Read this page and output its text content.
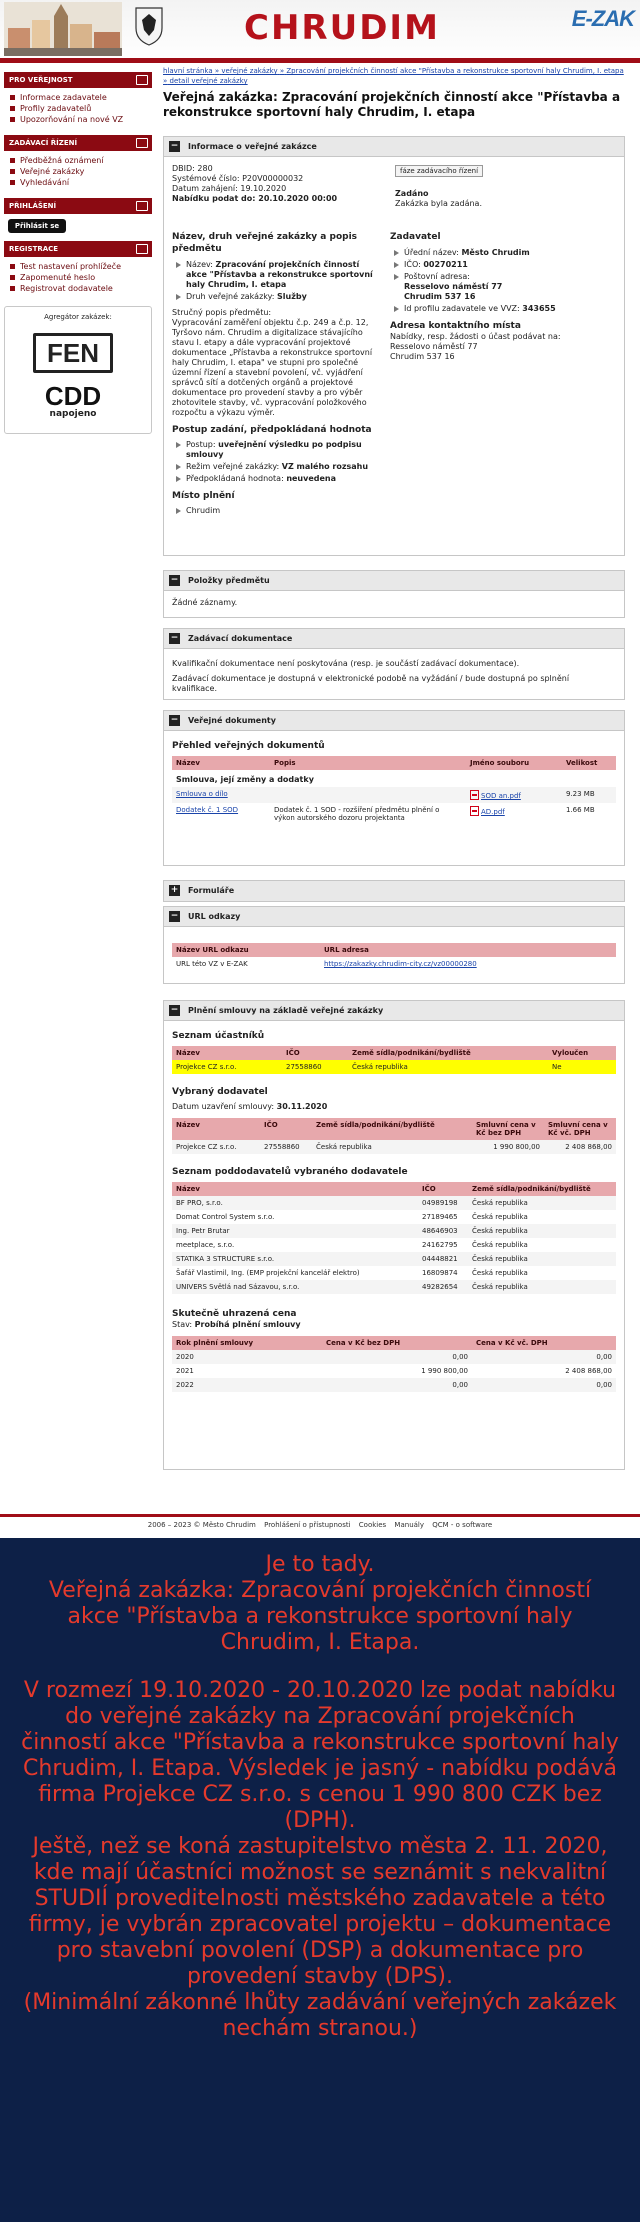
CHRUDIM	E-ZAK
PRO VEŘEJNOST
Informace zadavatele
Profily zadavatelů
Upozorňování na nové VZ
ZADÁVACÍ ŘÍZENÍ
Předběžná oznámení
Veřejné zakázky
Vyhledávání
PŘIHLÁŠENÍ
Přihlásit se
REGISTRACE
Test nastavení prohlížeče
Zapomenuté heslo
Registrovat dodavatele
Agregátor zakázek:
FEN
CDD
napojeno
hlavní stránka » veřejné zakázky » Zpracování projekčních činností akce "Přístavba a rekonstrukce sportovní haly Chrudim, I. etapa » detail veřejné zakázky
Veřejná zakázka: Zpracování projekčních činností akce "Přístavba a rekonstrukce sportovní haly Chrudim, I. etapa
− Informace o veřejné zakázce
DBID: 280
Systémové číslo: P20V00000032
Datum zahájení: 19.10.2020
Nabídku podat do: 20.10.2020 00:00
fáze zadávacího řízení
Zadáno
Zakázka byla zadána.
Název, druh veřejné zakázky a popis předmětu
Název: Zpracování projekčních činností akce "Přístavba a rekonstrukce sportovní haly Chrudim, I. etapa
Druh veřejné zakázky: Služby
Stručný popis předmětu:
Vypracování zaměření objektu č.p. 249 a č.p. 12, Tyršovo nám. Chrudim a digitalizace stávajícího stavu I. etapy a dále vypracování projektové dokumentace „Přístavba a rekonstrukce sportovní haly Chrudim, I. etapa" ve stupni pro společné územní řízení a stavební povolení, vč. vyjádření správců sítí a dotčených orgánů a projektové dokumentace pro provedení stavby a pro výběr zhotovitele stavby, vč. vypracování položkového rozpočtu a výkazu výměr.
Postup zadání, předpokládaná hodnota
Postup: uveřejnění výsledku po podpisu smlouvy
Režim veřejné zakázky: VZ malého rozsahu
Předpokládaná hodnota: neuvedena
Místo plnění
Chrudim
Zadavatel
Úřední název: Město Chrudim
IČO: 00270211
Poštovní adresa:
Resselovo náměstí 77
Chrudim 537 16
Id profilu zadavatele ve VVZ: 343655
Adresa kontaktního místa
Nabídky, resp. žádosti o účast podávat na:
Resselovo náměstí 77
Chrudim 537 16
− Položky předmětu
Žádné záznamy.
− Zadávací dokumentace
Kvalifikační dokumentace není poskytována (resp. je součástí zadávací dokumentace).
Zadávací dokumentace je dostupná v elektronické podobě na vyžádání / bude dostupná po splnění kvalifikace.
− Veřejné dokumenty
Přehled veřejných dokumentů
Název	Popis	Jméno souboru	Velikost
Smlouva, její změny a dodatky			
Smlouva o dílo		SOD an.pdf	9.23 MB
Dodatek č. 1 SOD	Dodatek č. 1 SOD - rozšíření předmětu plnění o výkon autorského dozoru projektanta	AD.pdf	1.66 MB
+ Formuláře
− URL odkazy
Název URL odkazu	URL adresa
URL této VZ v E-ZAK	https://zakazky.chrudim-city.cz/vz00000280
− Plnění smlouvy na základě veřejné zakázky
Seznam účastníků
Název	IČO	Země sídla/podnikání/bydliště	Vyloučen
Projekce CZ s.r.o.	27558860	Česká republika	Ne
Vybraný dodavatel
Datum uzavření smlouvy: 30.11.2020
Název	IČO	Země sídla/podnikání/bydliště	Smluvní cena v Kč bez DPH	Smluvní cena v Kč vč. DPH
Projekce CZ s.r.o.	27558860	Česká republika	1 990 800,00	2 408 868,00
Seznam poddodavatelů vybraného dodavatele
Název	IČO	Země sídla/podnikání/bydliště
BF PRO, s.r.o.	04989198	Česká republika
Domat Control System s.r.o.	27189465	Česká republika
Ing. Petr Brutar	48646903	Česká republika
meetplace, s.r.o.	24162795	Česká republika
STATIKA 3 STRUCTURE s.r.o.	04448821	Česká republika
Šafář Vlastimil, Ing. (EMP projekční kancelář elektro)	16809874	Česká republika
UNIVERS Světlá nad Sázavou, s.r.o.	49282654	Česká republika
Skutečně uhrazená cena
Stav: Probíhá plnění smlouvy
Rok plnění smlouvy	Cena v Kč bez DPH	Cena v Kč vč. DPH
2020	0,00	0,00
2021	1 990 800,00	2 408 868,00
2022	0,00	0,00
2006 – 2023 © Město Chrudim Prohlášení o přístupnosti Cookies Manuály QCM - o software

Je to tady.

Veřejná zakázka: Zpracování projekčních činností akce "Přístavba a rekonstrukce sportovní haly Chrudim, I. Etapa.

V rozmezí 19.10.2020 - 20.10.2020 lze podat nabídku do veřejné zakázky na Zpracování projekčních činností akce "Přístavba a rekonstrukce sportovní haly Chrudim, I. Etapa. Výsledek je jasný - nabídku podává firma Projekce CZ s.r.o. s cenou 1 990 800 CZK bez (DPH).

Ještě, než se koná zastupitelstvo města 2. 11. 2020, kde mají účastníci možnost se seznámit s nekvalitní STUDIÍ proveditelnosti městského zadavatele a této firmy, je vybrán zpracovatel projektu – dokumentace pro stavební povolení (DSP) a dokumentace pro provedení stavby (DPS).

(Minimální zákonné lhůty zadávání veřejných zakázek nechám stranou.)
